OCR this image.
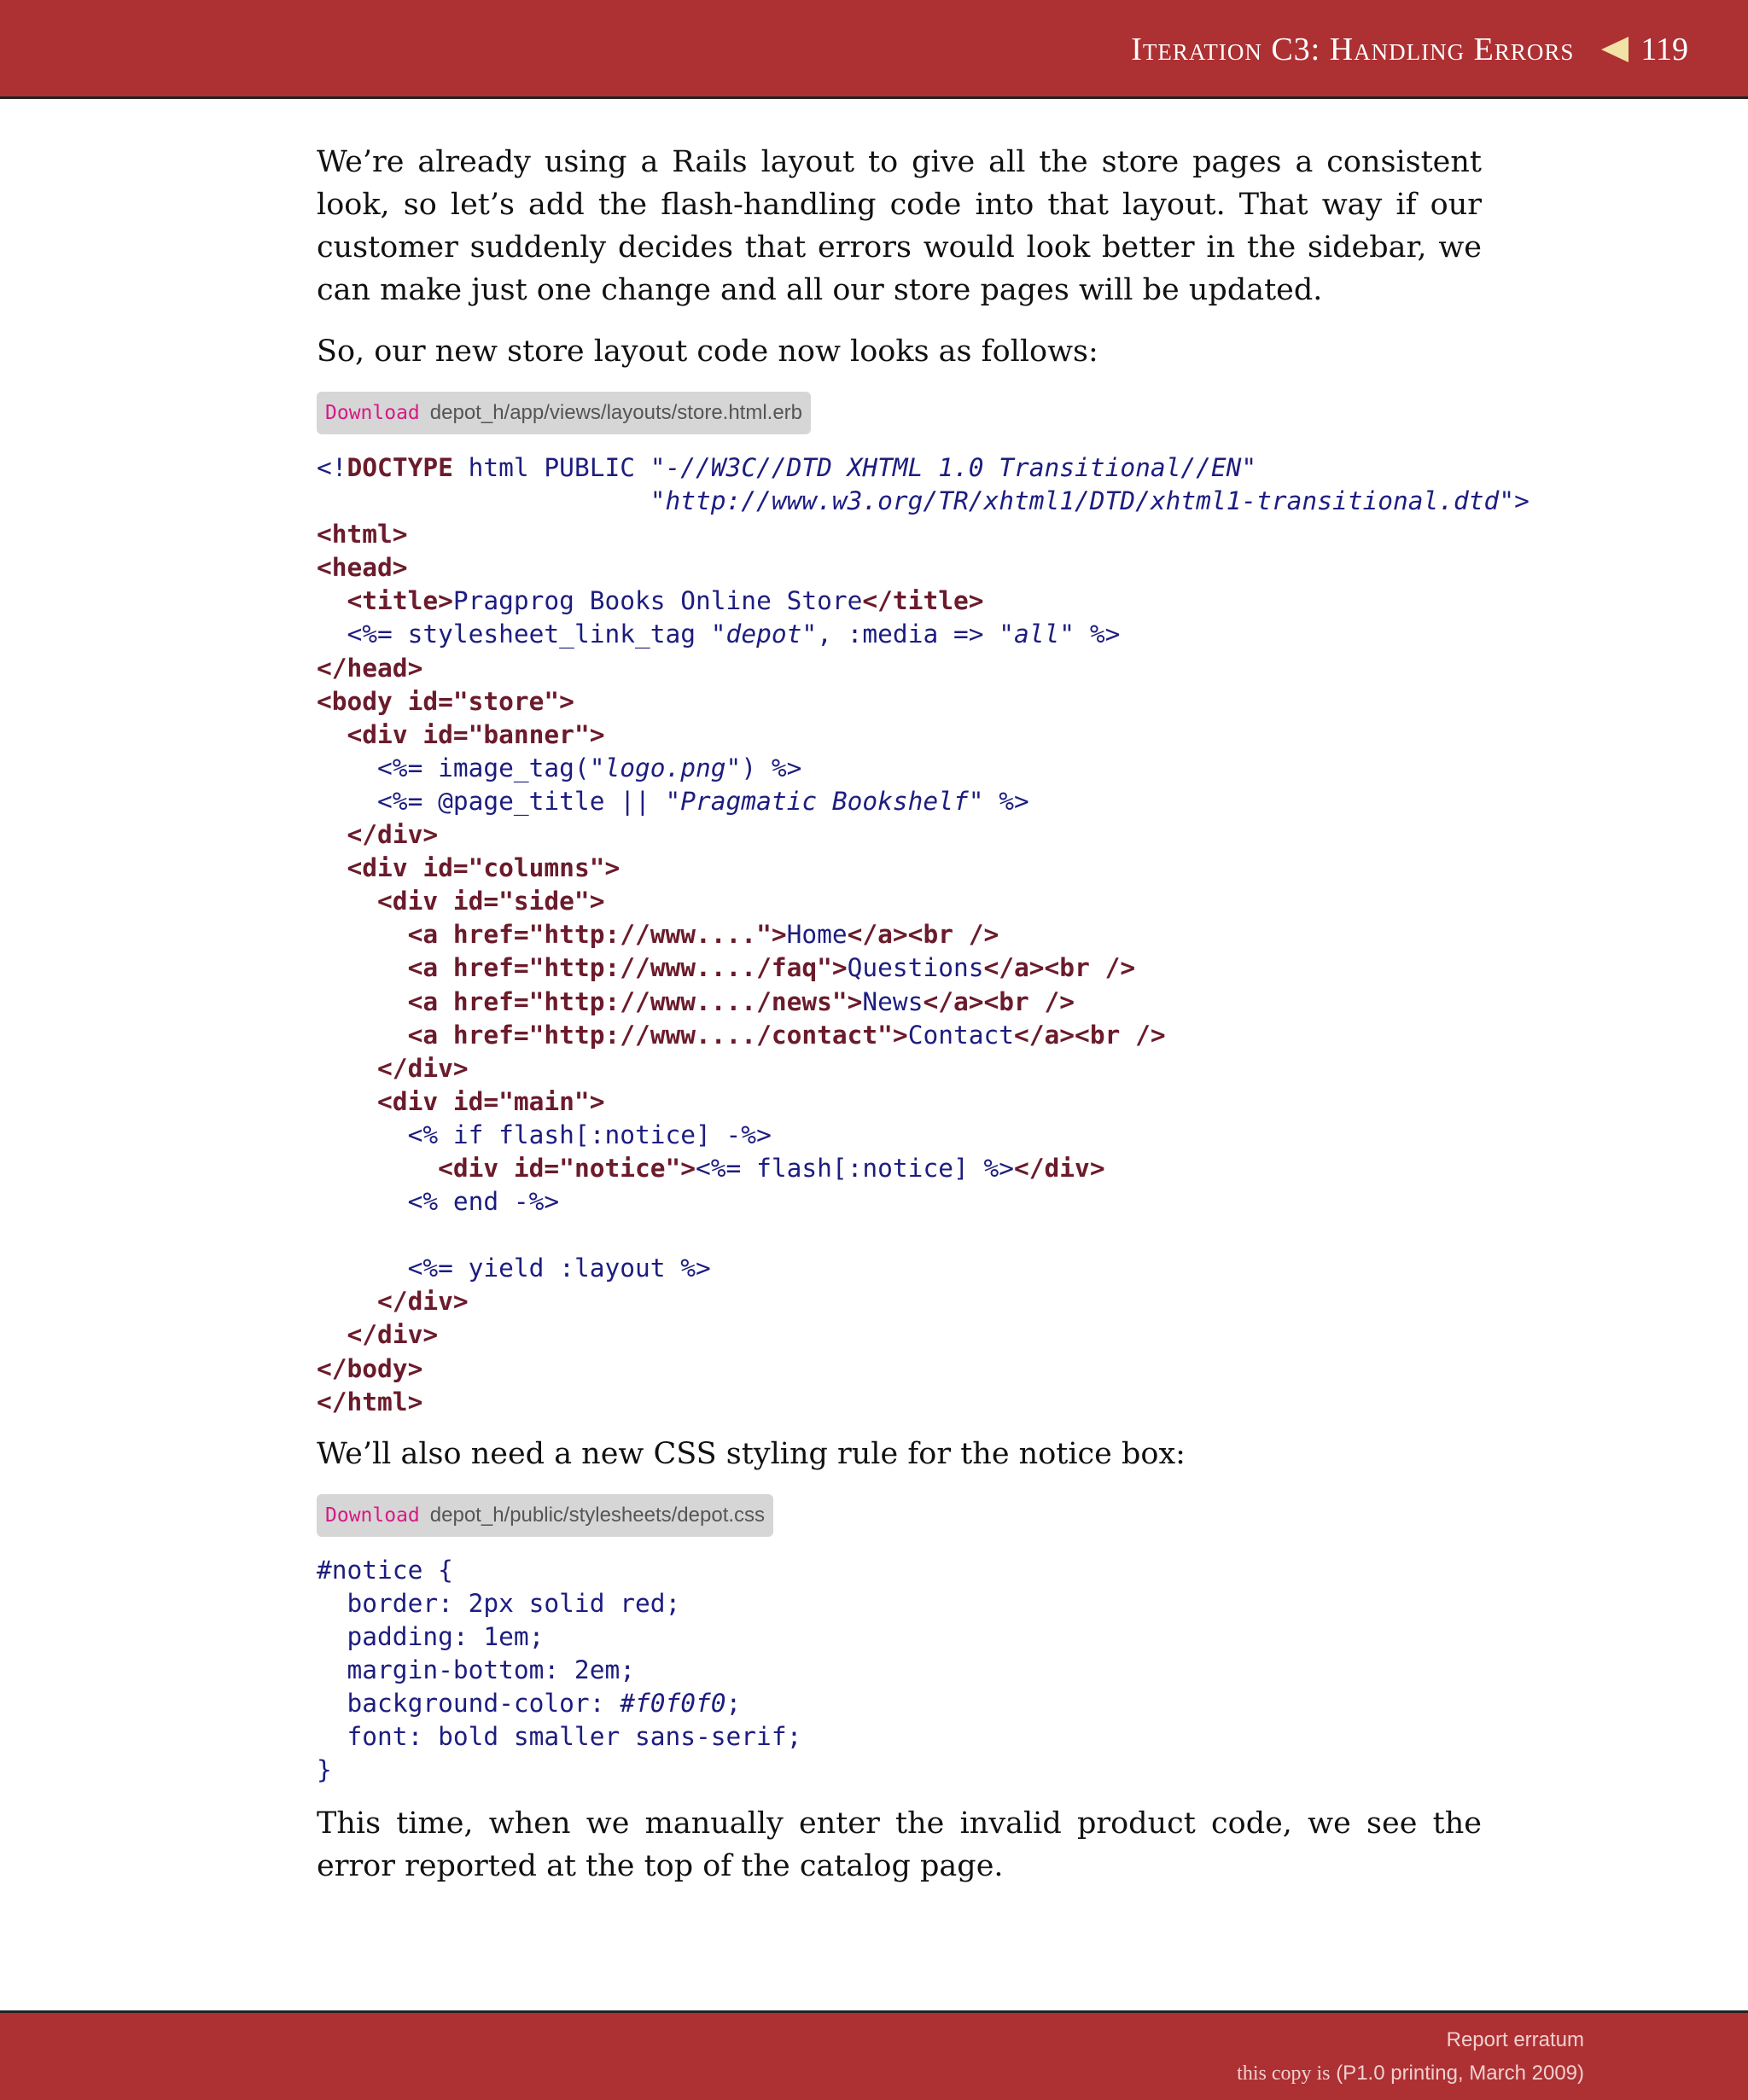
Iteration C3: Handling Errors 119

We’re already using a Rails layout to give all the store pages a consistent look, so let’s add the flash-handling code into that layout. That way if our customer suddenly decides that errors would look better in the sidebar, we can make just one change and all our store pages will be updated.

So, our new store layout code now looks as follows:

Download depot_h/app/views/layouts/store.html.erb
<!DOCTYPE html PUBLIC "-//W3C//DTD XHTML 1.0 Transitional//EN"
"http://www.w3.org/TR/xhtml1/DTD/xhtml1-transitional.dtd">
<html>
<head>
<title>Pragprog Books Online Store</title>
<%= stylesheet_link_tag "depot", :media => "all" %>
</head>
<body id="store">
<div id="banner">
<%= image_tag("logo.png") %>
<%= @page_title || "Pragmatic Bookshelf" %>
</div>
<div id="columns">
<div id="side">
<a href="http://www....">Home</a><br />
<a href="http://www..../faq">Questions</a><br />
<a href="http://www..../news">News</a><br />
<a href="http://www..../contact">Contact</a><br />
</div>
<div id="main">
<% if flash[:notice] -%>
<div id="notice"><%= flash[:notice] %></div>
<% end -%>

<%= yield :layout %>
</div>
</div>
</body>
</html>

We’ll also need a new CSS styling rule for the notice box:

Download depot_h/public/stylesheets/depot.css
#notice {
border: 2px solid red;
padding: 1em;
margin-bottom: 2em;
background-color: #f0f0f0;
font: bold smaller sans-serif;
}

This time, when we manually enter the invalid product code, we see the error reported at the top of the catalog page.

Report erratum
this copy is (P1.0 printing, March 2009)
